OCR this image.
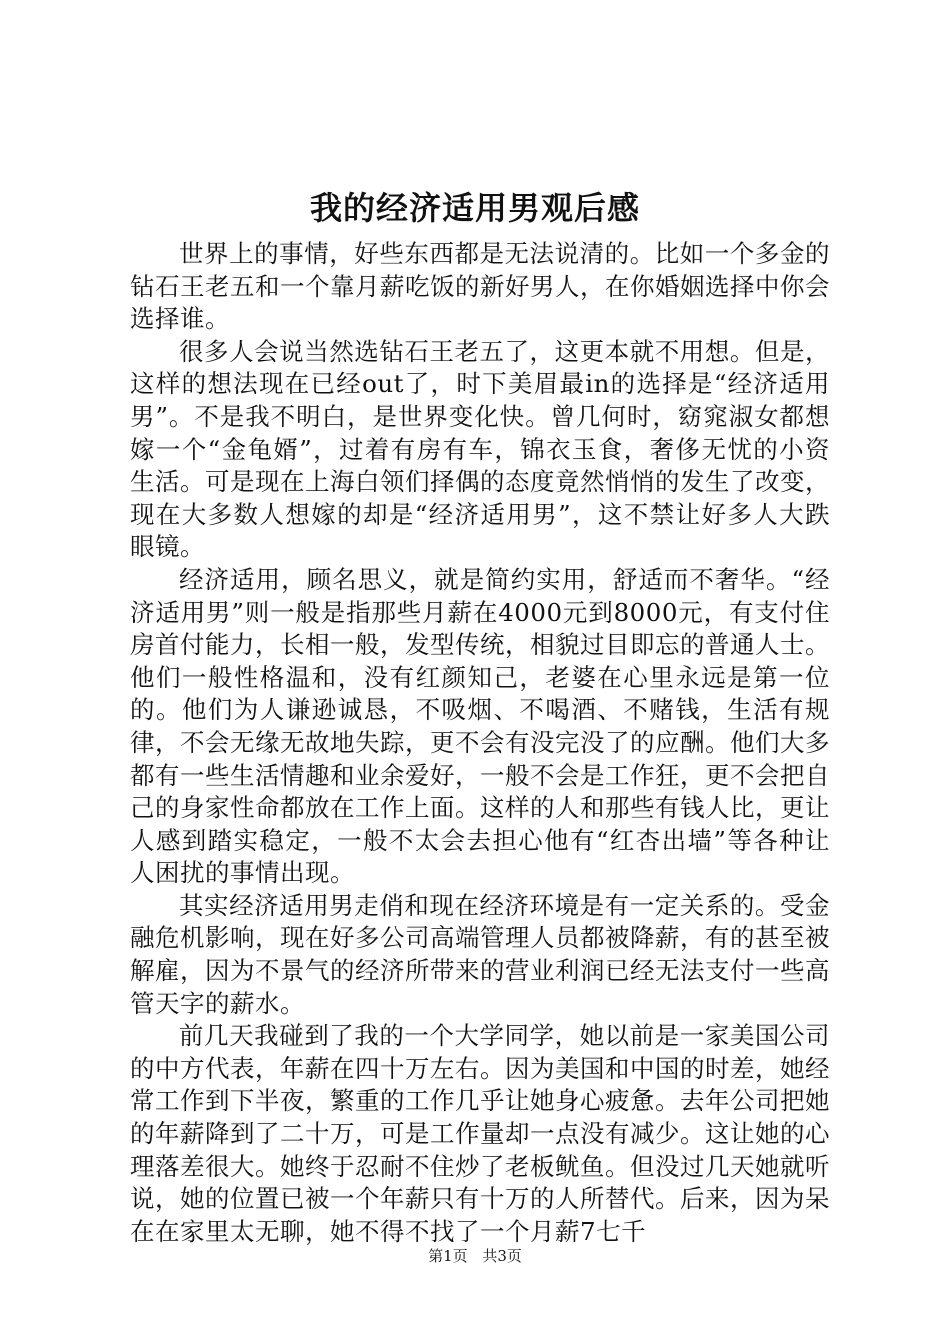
我的经济适用男观后感

世界上的事情，好些东西都是无法说清的。比如一个多金的钻石王老五和一个靠月薪吃饭的新好男人，在你婚姻选择中你会选择谁。

很多人会说当然选钻石王老五了，这更本就不用想。但是，这样的想法现在已经out了，时下美眉最in的选择是“经济适用男”。不是我不明白，是世界变化快。曾几何时，窈窕淑女都想嫁一个“金龟婿”，过着有房有车，锦衣玉食，奢侈无忧的小资生活。可是现在上海白领们择偶的态度竟然悄悄的发生了改变，现在大多数人想嫁的却是“经济适用男”，这不禁让好多人大跌眼镜。

经济适用，顾名思义，就是简约实用，舒适而不奢华。“经济适用男”则一般是指那些月薪在4000元到8000元，有支付住房首付能力，长相一般，发型传统，相貌过目即忘的普通人士。他们一般性格温和，没有红颜知己，老婆在心里永远是第一位的。他们为人谦逊诚恳，不吸烟、不喝酒、不赌钱，生活有规律，不会无缘无故地失踪，更不会有没完没了的应酬。他们大多都有一些生活情趣和业余爱好，一般不会是工作狂，更不会把自己的身家性命都放在工作上面。这样的人和那些有钱人比，更让人感到踏实稳定，一般不太会去担心他有“红杏出墙”等各种让人困扰的事情出现。

其实经济适用男走俏和现在经济环境是有一定关系的。受金融危机影响，现在好多公司高端管理人员都被降薪，有的甚至被解雇，因为不景气的经济所带来的营业利润已经无法支付一些高管天字的薪水。

前几天我碰到了我的一个大学同学，她以前是一家美国公司的中方代表，年薪在四十万左右。因为美国和中国的时差，她经常工作到下半夜，繁重的工作几乎让她身心疲惫。去年公司把她的年薪降到了二十万，可是工作量却一点没有减少。这让她的心理落差很大。她终于忍耐不住炒了老板鱿鱼。但没过几天她就听说，她的位置已被一个年薪只有十万的人所替代。后来，因为呆在在家里太无聊，她不得不找了一个月薪7七千

第1页 共3页
